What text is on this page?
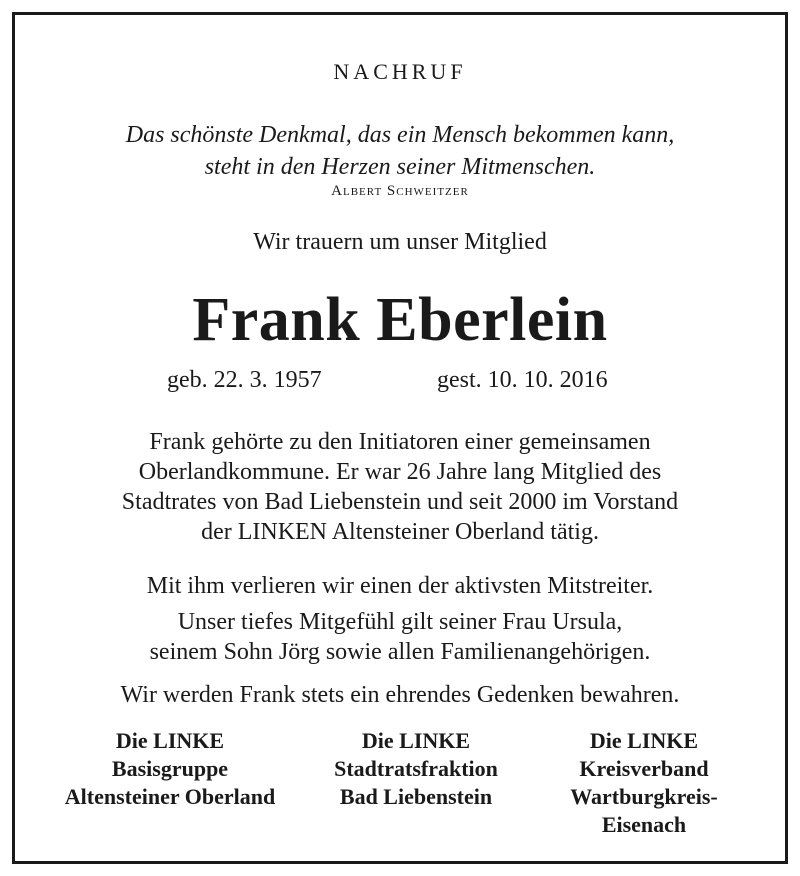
NACHRUF
Das schönste Denkmal, das ein Mensch bekommen kann,
steht in den Herzen seiner Mitmenschen.
Albert Schweitzer
Wir trauern um unser Mitglied
Frank Eberlein
geb. 22. 3. 1957	gest. 10. 10. 2016
Frank gehörte zu den Initiatoren einer gemeinsamen
Oberlandkommune. Er war 26 Jahre lang Mitglied des
Stadtrates von Bad Liebenstein und seit 2000 im Vorstand
der LINKEN Altensteiner Oberland tätig.
Mit ihm verlieren wir einen der aktivsten Mitstreiter.
Unser tiefes Mitgefühl gilt seiner Frau Ursula,
seinem Sohn Jörg sowie allen Familienangehörigen.
Wir werden Frank stets ein ehrendes Gedenken bewahren.
Die LINKE
Basisgruppe
Altensteiner Oberland
Die LINKE
Stadtratsfraktion
Bad Liebenstein
Die LINKE
Kreisverband
Wartburgkreis-
Eisenach
